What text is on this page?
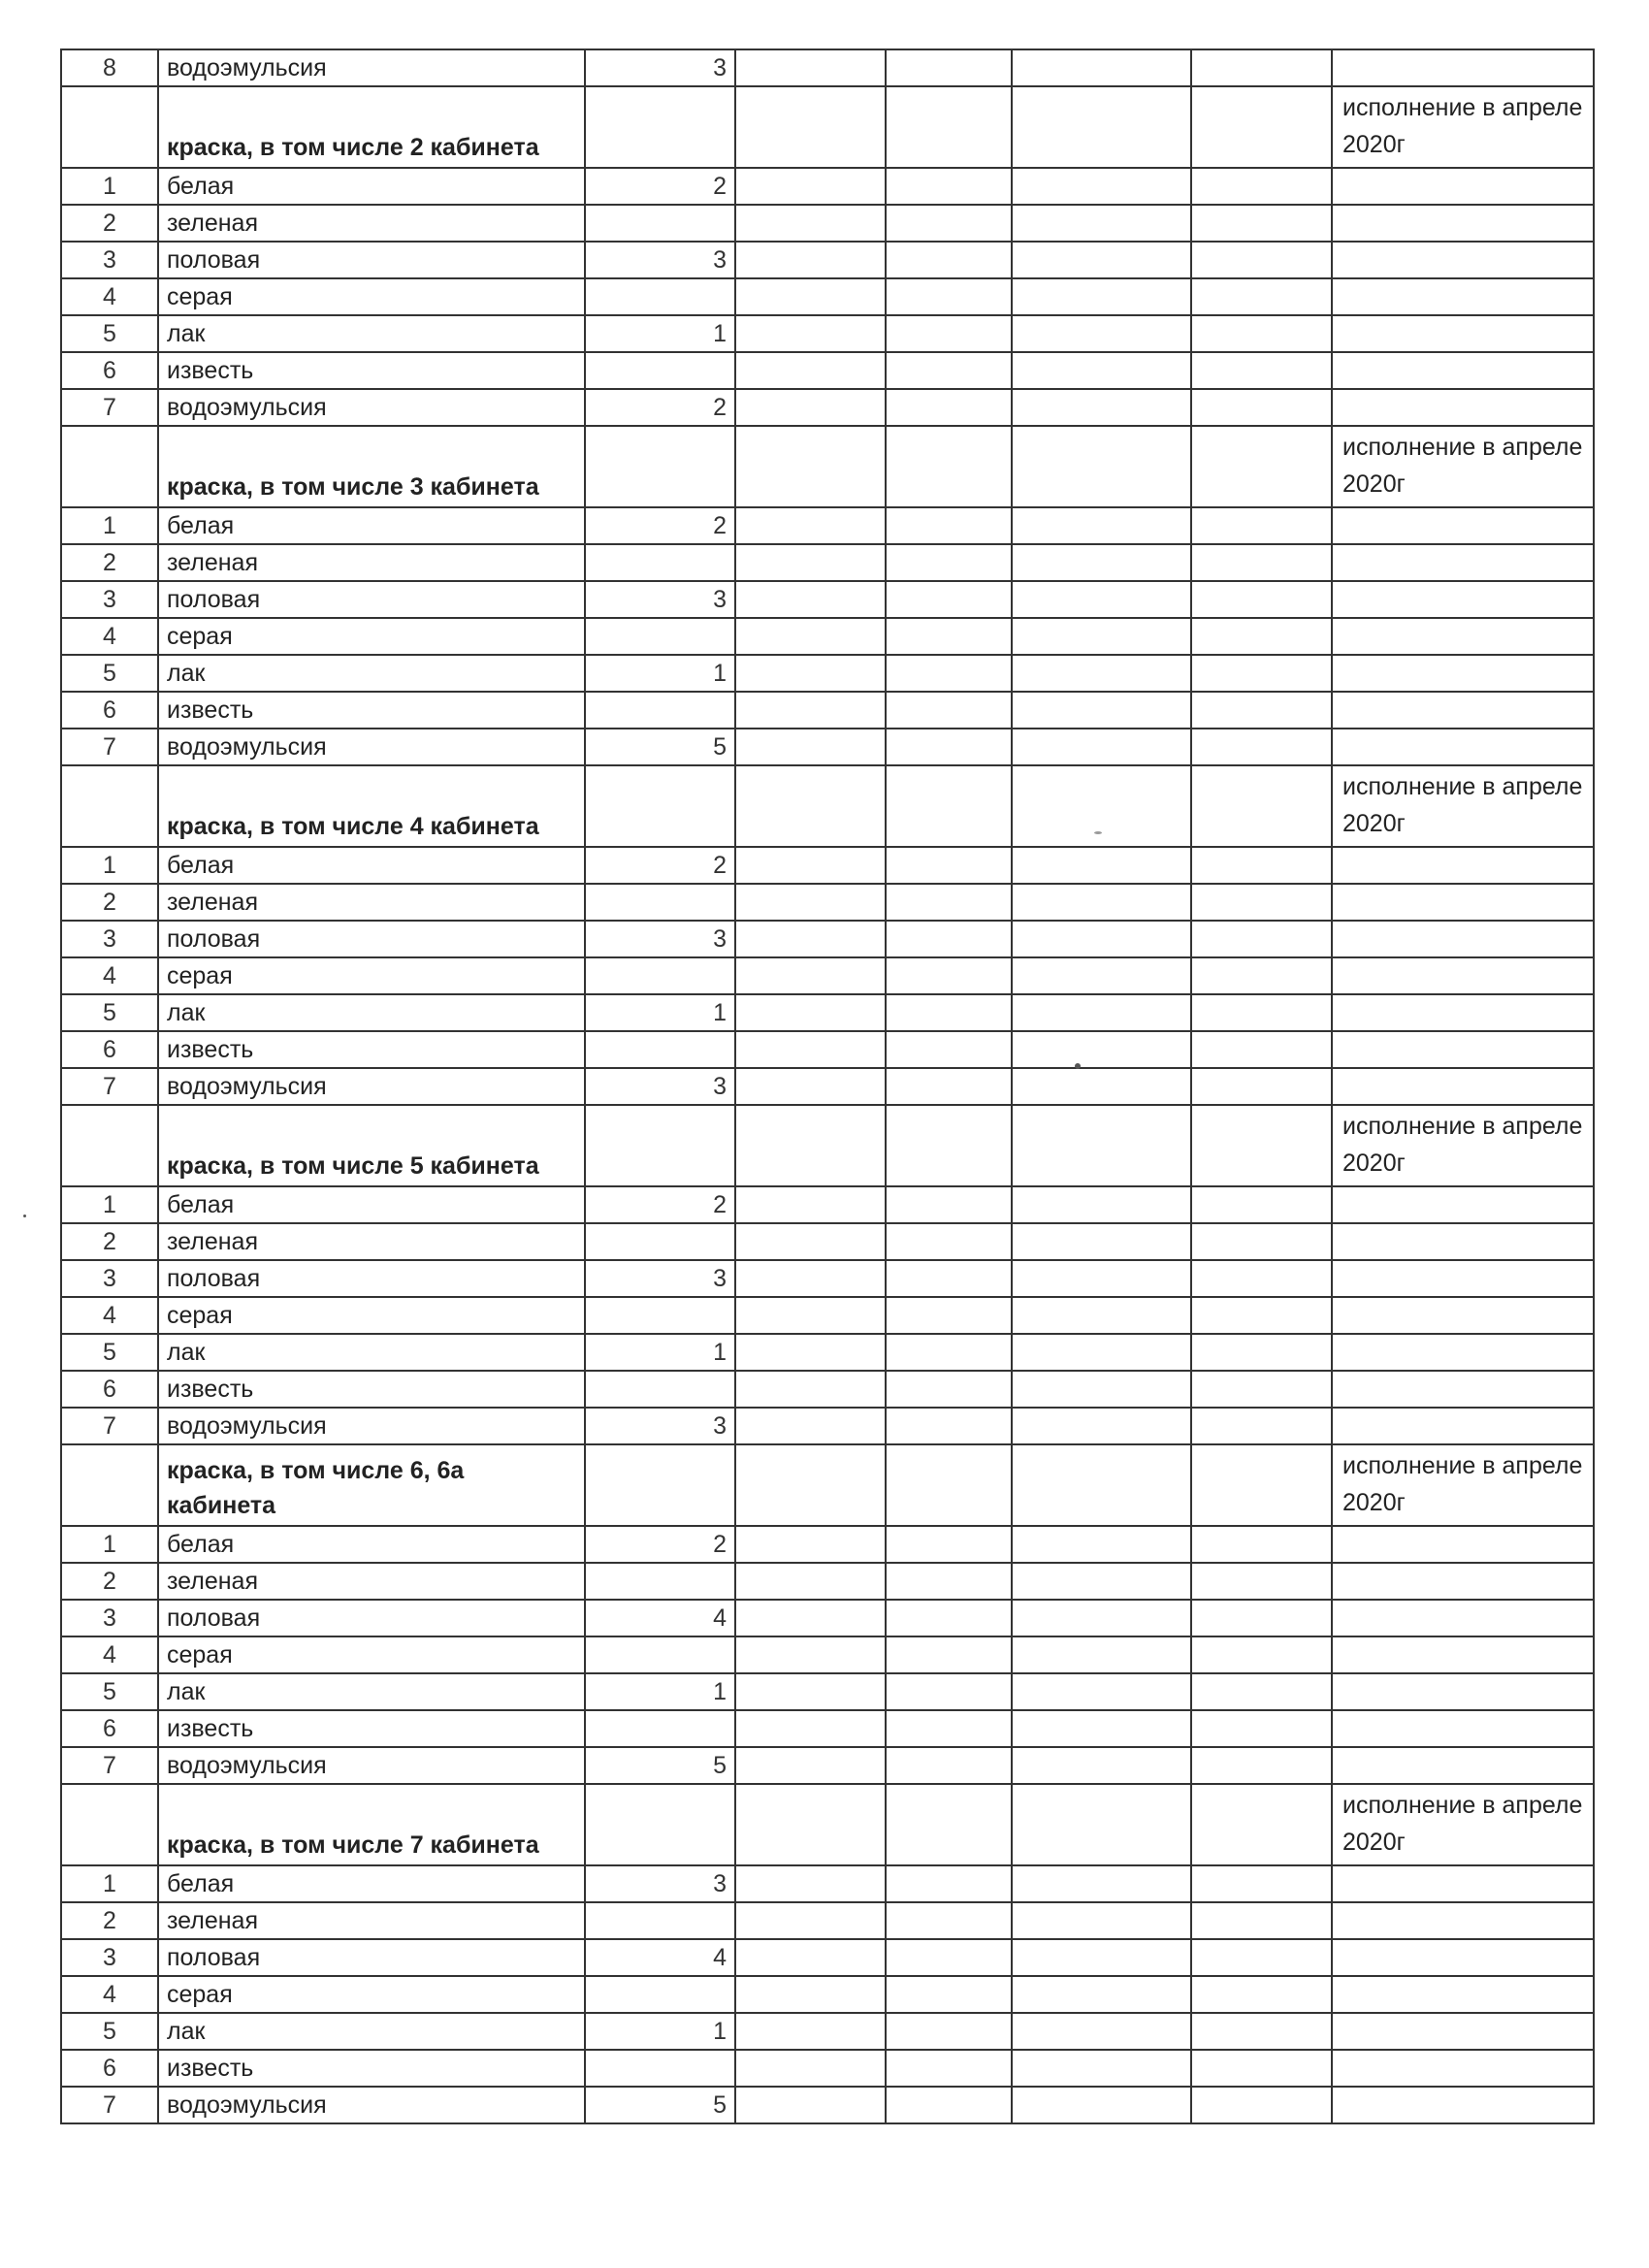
8	водоэмульсия	3					
	краска, в том числе 2 кабинета						исполнение в апреле 2020г
1	белая	2					
2	зеленая						
3	половая	3					
4	серая						
5	лак	1					
6	известь						
7	водоэмульсия	2					
	краска, в том числе 3 кабинета						исполнение в апреле 2020г
1	белая	2					
2	зеленая						
3	половая	3					
4	серая						
5	лак	1					
6	известь						
7	водоэмульсия	5					
	краска, в том числе 4 кабинета						исполнение в апреле 2020г
1	белая	2					
2	зеленая						
3	половая	3					
4	серая						
5	лак	1					
6	известь						
7	водоэмульсия	3					
	краска, в том числе 5 кабинета						исполнение в апреле 2020г
1	белая	2					
2	зеленая						
3	половая	3					
4	серая						
5	лак	1					
6	известь						
7	водоэмульсия	3					
	краска, в том числе 6, 6а кабинета						исполнение в апреле 2020г
1	белая	2					
2	зеленая						
3	половая	4					
4	серая						
5	лак	1					
6	известь						
7	водоэмульсия	5					
	краска, в том числе 7 кабинета						исполнение в апреле 2020г
1	белая	3					
2	зеленая						
3	половая	4					
4	серая						
5	лак	1					
6	известь						
7	водоэмульсия	5					
